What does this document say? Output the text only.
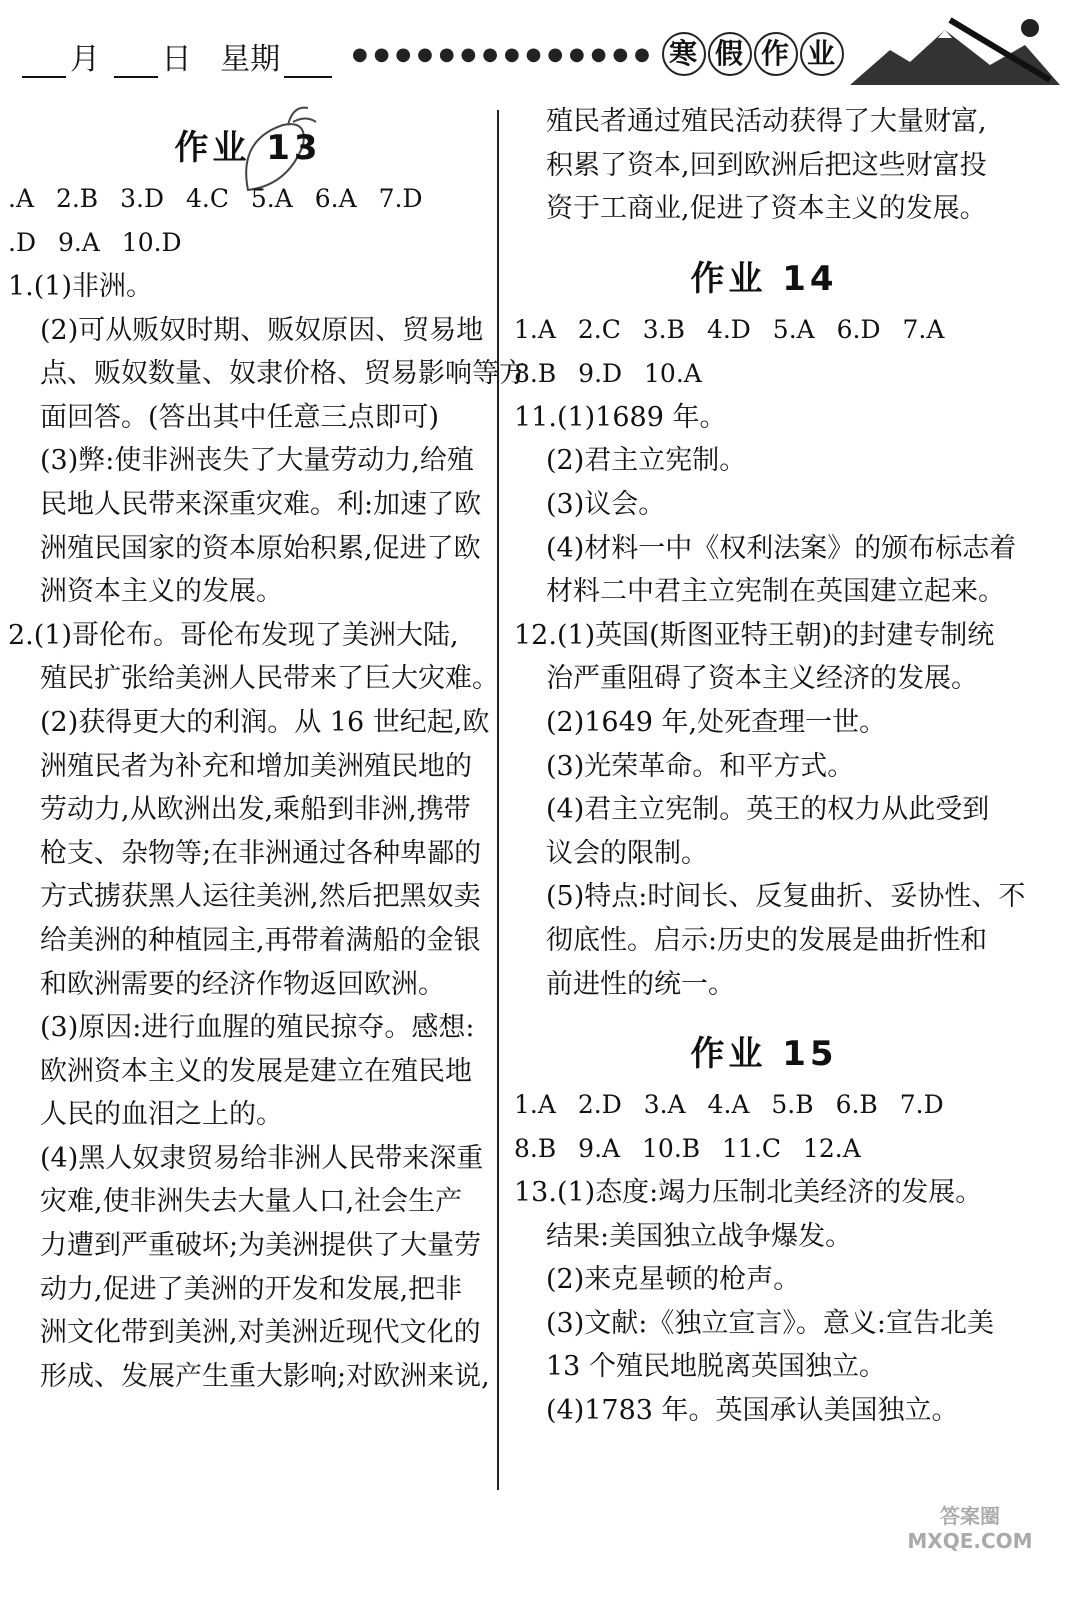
月 日 星期	●●●●●●●●●●●●●● 寒 假 作 业
作业 13
.A 2.B 3.D 4.C 5.A 6.A 7.D
.D 9.A 10.D
1.(1)非洲。
(2)可从贩奴时期、贩奴原因、贸易地
点、贩奴数量、奴隶价格、贸易影响等方
面回答。(答出其中任意三点即可)
(3)弊:使非洲丧失了大量劳动力,给殖
民地人民带来深重灾难。利:加速了欧
洲殖民国家的资本原始积累,促进了欧
洲资本主义的发展。
2.(1)哥伦布。哥伦布发现了美洲大陆,
殖民扩张给美洲人民带来了巨大灾难。
(2)获得更大的利润。从 16 世纪起,欧
洲殖民者为补充和增加美洲殖民地的
劳动力,从欧洲出发,乘船到非洲,携带
枪支、杂物等;在非洲通过各种卑鄙的
方式掳获黑人运往美洲,然后把黑奴卖
给美洲的种植园主,再带着满船的金银
和欧洲需要的经济作物返回欧洲。
(3)原因:进行血腥的殖民掠夺。感想:
欧洲资本主义的发展是建立在殖民地
人民的血泪之上的。
(4)黑人奴隶贸易给非洲人民带来深重
灾难,使非洲失去大量人口,社会生产
力遭到严重破坏;为美洲提供了大量劳
动力,促进了美洲的开发和发展,把非
洲文化带到美洲,对美洲近现代文化的
形成、发展产生重大影响;对欧洲来说,
殖民者通过殖民活动获得了大量财富,
积累了资本,回到欧洲后把这些财富投
资于工商业,促进了资本主义的发展。
作业 14
1.A 2.C 3.B 4.D 5.A 6.D 7.A
8.B 9.D 10.A
11.(1)1689 年。
(2)君主立宪制。
(3)议会。
(4)材料一中《权利法案》的颁布标志着
材料二中君主立宪制在英国建立起来。
12.(1)英国(斯图亚特王朝)的封建专制统
治严重阻碍了资本主义经济的发展。
(2)1649 年,处死查理一世。
(3)光荣革命。和平方式。
(4)君主立宪制。英王的权力从此受到
议会的限制。
(5)特点:时间长、反复曲折、妥协性、不
彻底性。启示:历史的发展是曲折性和
前进性的统一。
作业 15
1.A 2.D 3.A 4.A 5.B 6.B 7.D
8.B 9.A 10.B 11.C 12.A
13.(1)态度:竭力压制北美经济的发展。
结果:美国独立战争爆发。
(2)来克星顿的枪声。
(3)文献:《独立宣言》。意义:宣告北美
13 个殖民地脱离英国独立。
(4)1783 年。英国承认美国独立。
答案圈 MXQE.COM
